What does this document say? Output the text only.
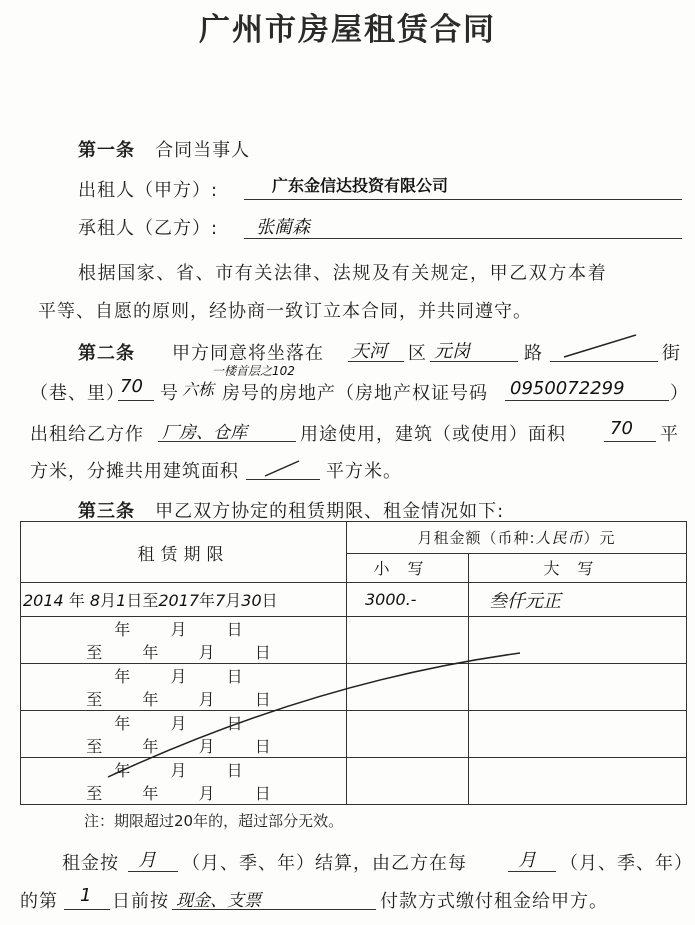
广州市房屋租赁合同
第一条 合同当事人
出租人（甲方）:	广东金信达投资有限公司
承租人（乙方）: 张蔺森
根据国家、省、市有关法律、法规及有关规定，甲乙双方本着
平等、自愿的原则，经协商一致订立本合同，并共同遵守。
第二条 甲方同意将坐落在 天河 区 元岗	路	街
（巷、里）
70 号 六栋
一楼首层之102
房号的房地产（房地产权证号码 0950072299	）
出租给乙方作 厂房、仓库	用途使用，建筑（或使用）面积 70 平
方米，分摊共用建筑面积	平方米。
第三条 甲乙双方协定的租赁期限、租金情况如下:
租赁期限	月租金额（币种:人民币）元	
	小写	大写
2014 年 8月1日至2017年7月30日	3000.-	叁仟元正
年 月 日至 年 月 日		
年 月 日至 年 月 日		
年 月 日至 年 月 日		
年 月 日至 年 月 日		
注：期限超过20年的，超过部分无效。
租金按 月 （月、季、年）结算，由乙方在每	月 （月、季、年）
的第 1 日前按 现金、支票	付款方式缴付租金给甲方。
